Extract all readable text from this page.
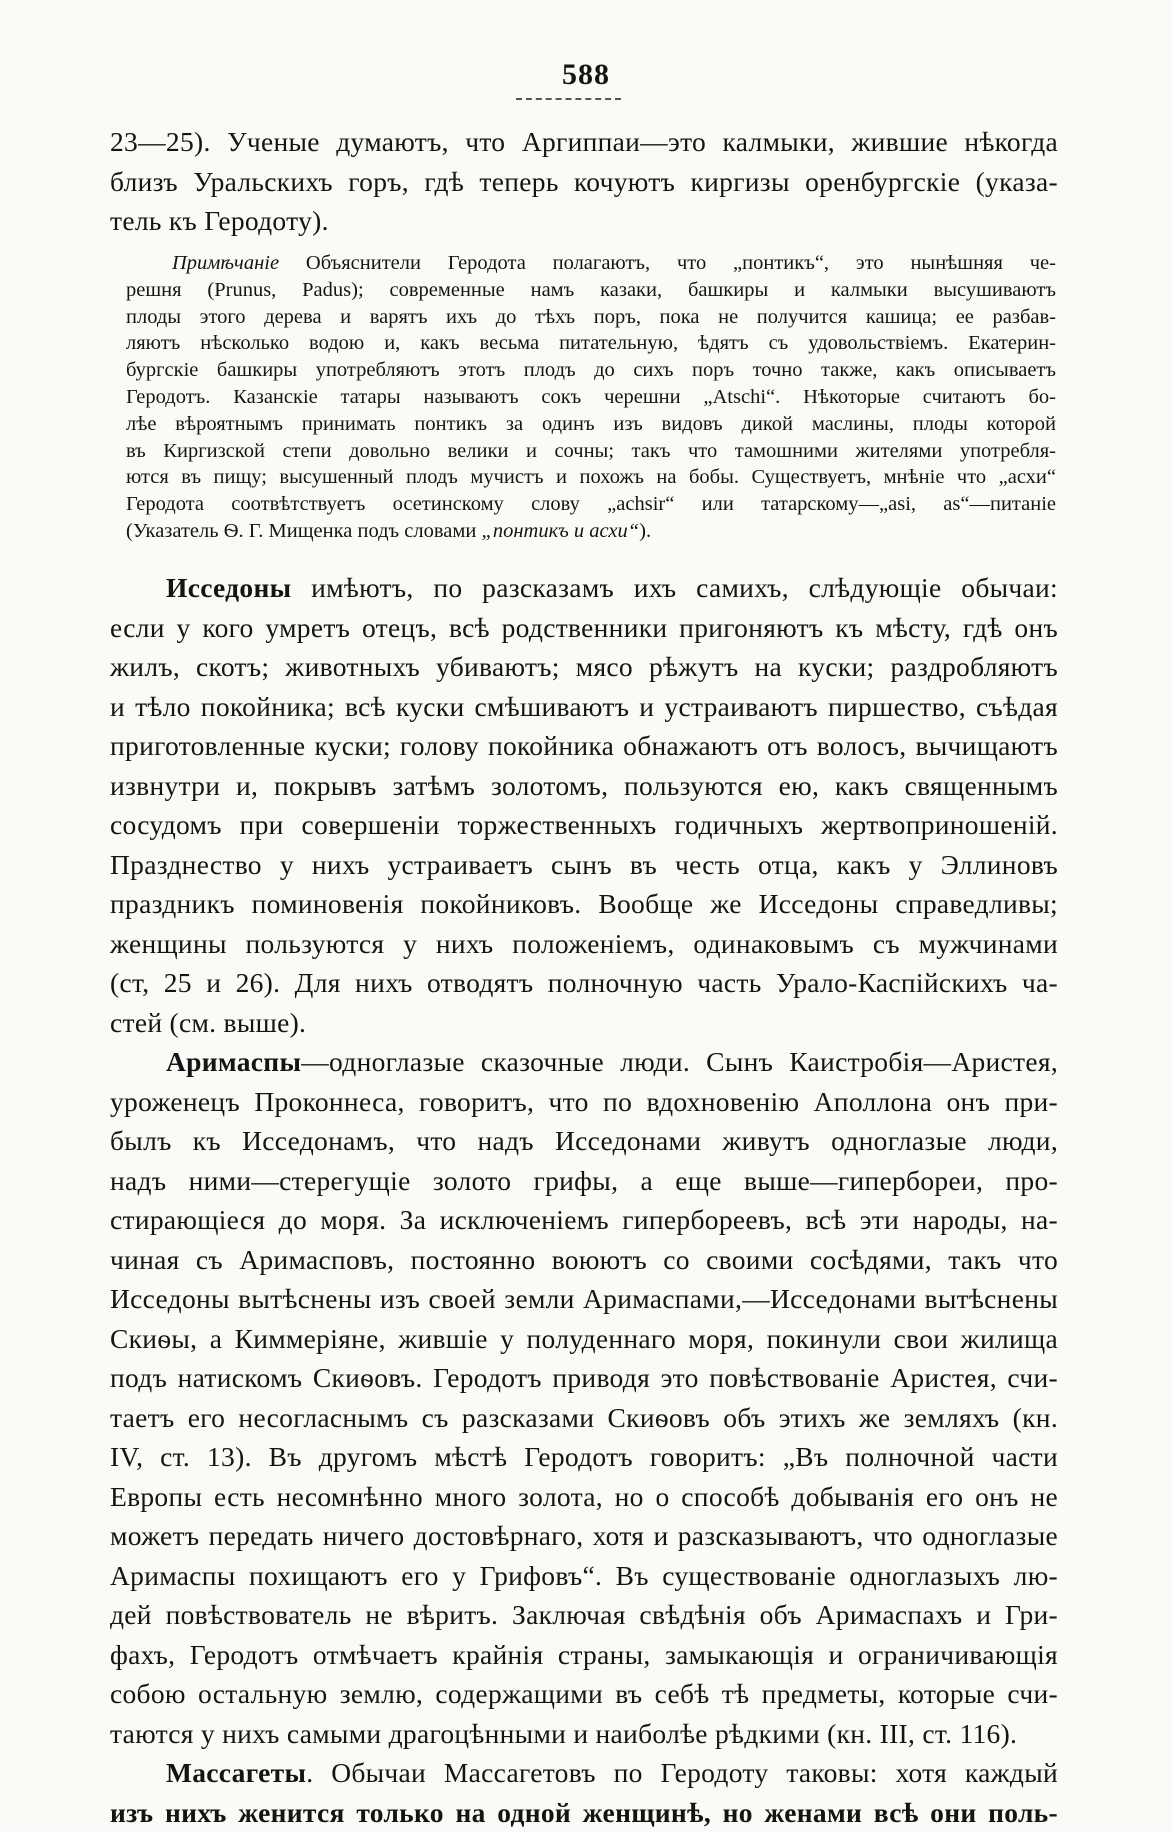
588
23—25). Ученые думаютъ, что Аргиппаи—это калмыки, жившие нѣкогда
близъ Уральскихъ горъ, гдѣ теперь кочуютъ киргизы оренбургскіе (указа-
тель къ Геродоту).
Примѣчаніе Объяснители Геродота полагаютъ, что „понтикъ“, это нынѣшняя че-
решня (Prunus, Padus); современные намъ казаки, башкиры и калмыки высушиваютъ
плоды этого дерева и варятъ ихъ до тѣхъ поръ, пока не получится кашица; ее разбав-
ляютъ нѣсколько водою и, какъ весьма питательную, ѣдятъ съ удовольствіемъ. Екатерин-
бургскіе башкиры употребляютъ этотъ плодъ до сихъ поръ точно также, какъ описываетъ
Геродотъ. Казанскіе татары называютъ сокъ черешни „Atschi“. Нѣкоторые считаютъ бо-
лѣе вѣроятнымъ принимать понтикъ за одинъ изъ видовъ дикой маслины, плоды которой
въ Киргизской степи довольно велики и сочны; такъ что тамошними жителями употребля-
ются въ пищу; высушенный плодъ мучистъ и похожъ на бобы. Существуетъ, мнѣніе что „асхи“
Геродота соотвѣтствуетъ осетинскому слову „achsir“ или татарскому—„asi, as“—питаніе
(Указатель Ѳ. Г. Мищенка подъ словами „понтикъ и асхи“).
Исседоны имѣютъ, по разсказамъ ихъ самихъ, слѣдующіе обычаи:
если у кого умретъ отецъ, всѣ родственники пригоняютъ къ мѣсту, гдѣ онъ
жилъ, скотъ; животныхъ убиваютъ; мясо рѣжутъ на куски; раздробляютъ
и тѣло покойника; всѣ куски смѣшиваютъ и устраиваютъ пиршество, съѣдая
приготовленные куски; голову покойника обнажаютъ отъ волосъ, вычищаютъ
извнутри и, покрывъ затѣмъ золотомъ, пользуются ею, какъ священнымъ
сосудомъ при совершеніи торжественныхъ годичныхъ жертвоприношеній.
Празднество у нихъ устраиваетъ сынъ въ честь отца, какъ у Эллиновъ
праздникъ поминовенія покойниковъ. Вообще же Исседоны справедливы;
женщины пользуются у нихъ положеніемъ, одинаковымъ съ мужчинами
(ст, 25 и 26). Для нихъ отводятъ полночную часть Урало-Каспійскихъ ча-
стей (см. выше).
Аримаспы—одноглазые сказочные люди. Сынъ Каистробія—Аристея,
уроженецъ Проконнеса, говоритъ, что по вдохновенію Аполлона онъ при-
былъ къ Исседонамъ, что надъ Исседонами живутъ одноглазые люди,
надъ ними—стерегущіе золото грифы, а еще выше—гипербореи, про-
стирающіеся до моря. За исключеніемъ гипербореевъ, всѣ эти народы, на-
чиная съ Аримасповъ, постоянно воюютъ со своими сосѣдями, такъ что
Исседоны вытѣснены изъ своей земли Аримаспами,—Исседонами вытѣснены
Скиѳы, а Киммеріяне, жившіе у полуденнаго моря, покинули свои жилища
подъ натискомъ Скиѳовъ. Геродотъ приводя это повѣствованіе Аристея, счи-
таетъ его несогласнымъ съ разсказами Скиѳовъ объ этихъ же земляхъ (кн.
IV, ст. 13). Въ другомъ мѣстѣ Геродотъ говоритъ: „Въ полночной части
Европы есть несомнѣнно много золота, но о способѣ добыванія его онъ не
можетъ передать ничего достовѣрнаго, хотя и разсказываютъ, что одноглазые
Аримаспы похищаютъ его у Грифовъ“. Въ существованіе одноглазыхъ лю-
дей повѣствователь не вѣритъ. Заключая свѣдѣнія объ Аримаспахъ и Гри-
фахъ, Геродотъ отмѣчаетъ крайнія страны, замыкающія и ограничивающія
собою остальную землю, содержащими въ себѣ тѣ предметы, которые счи-
таются у нихъ самыми драгоцѣнными и наиболѣе рѣдкими (кн. III, ст. 116).
Массагеты. Обычаи Массагетовъ по Геродоту таковы: хотя каждый
изъ нихъ женится только на одной женщинѣ, но женами всѣ они поль-
